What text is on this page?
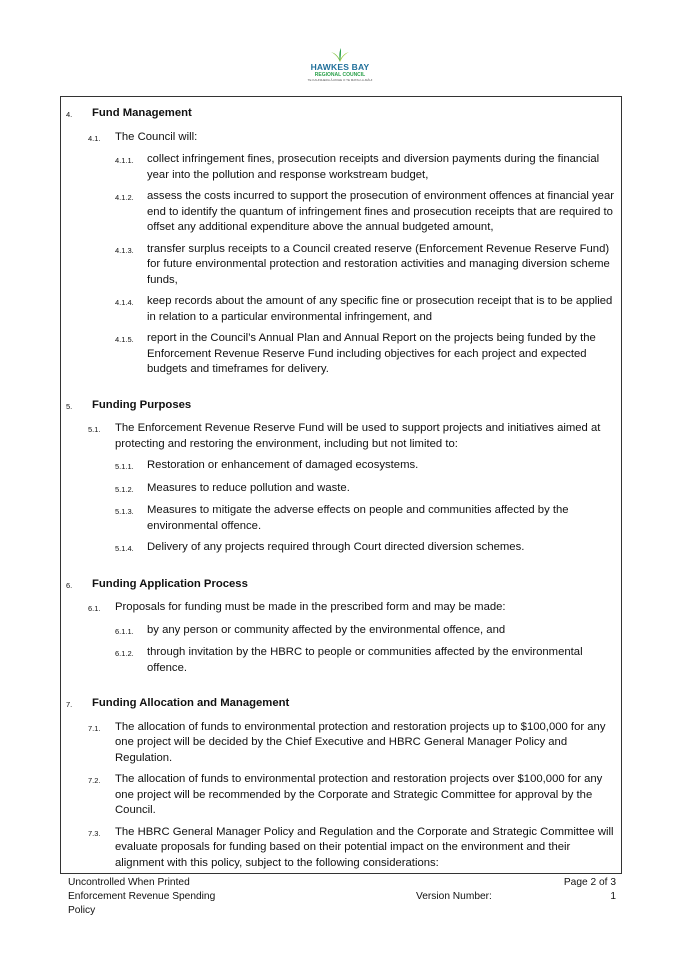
HAWKES BAY
REGIONAL COUNCIL
TE KAUNIHERA Ā-ROHE O TE MATAU-A-MĀUI
4.	Fund Management
4.1.	The Council will:
4.1.1.	collect infringement fines, prosecution receipts and diversion payments during the financial year into the pollution and response workstream budget,
4.1.2.	assess the costs incurred to support the prosecution of environment offences at financial year end to identify the quantum of infringement fines and prosecution receipts that are required to offset any additional expenditure above the annual budgeted amount,
4.1.3.	transfer surplus receipts to a Council created reserve (Enforcement Revenue Reserve Fund) for future environmental protection and restoration activities and managing diversion scheme funds,
4.1.4.	keep records about the amount of any specific fine or prosecution receipt that is to be applied in relation to a particular environmental infringement, and
4.1.5.	report in the Council’s Annual Plan and Annual Report on the projects being funded by the Enforcement Revenue Reserve Fund including objectives for each project and expected budgets and timeframes for delivery.
5.	Funding Purposes
5.1.	The Enforcement Revenue Reserve Fund will be used to support projects and initiatives aimed at protecting and restoring the environment, including but not limited to:
5.1.1.	Restoration or enhancement of damaged ecosystems.
5.1.2.	Measures to reduce pollution and waste.
5.1.3.	Measures to mitigate the adverse effects on people and communities affected by the environmental offence.
5.1.4.	Delivery of any projects required through Court directed diversion schemes.
6.	Funding Application Process
6.1.	Proposals for funding must be made in the prescribed form and may be made:
6.1.1.	by any person or community affected by the environmental offence, and
6.1.2.	through invitation by the HBRC to people or communities affected by the environmental offence.
7.	Funding Allocation and Management
7.1.	The allocation of funds to environmental protection and restoration projects up to $100,000 for any one project will be decided by the Chief Executive and HBRC General Manager Policy and Regulation.
7.2.	The allocation of funds to environmental protection and restoration projects over $100,000 for any one project will be recommended by the Corporate and Strategic Committee for approval by the Council.
7.3.	The HBRC General Manager Policy and Regulation and the Corporate and Strategic Committee will evaluate proposals for funding based on their potential impact on the environment and their alignment with this policy, subject to the following considerations:
Uncontrolled When Printed	Page 2 of 3
Enforcement Revenue Spending	Version Number:	1
Policy
